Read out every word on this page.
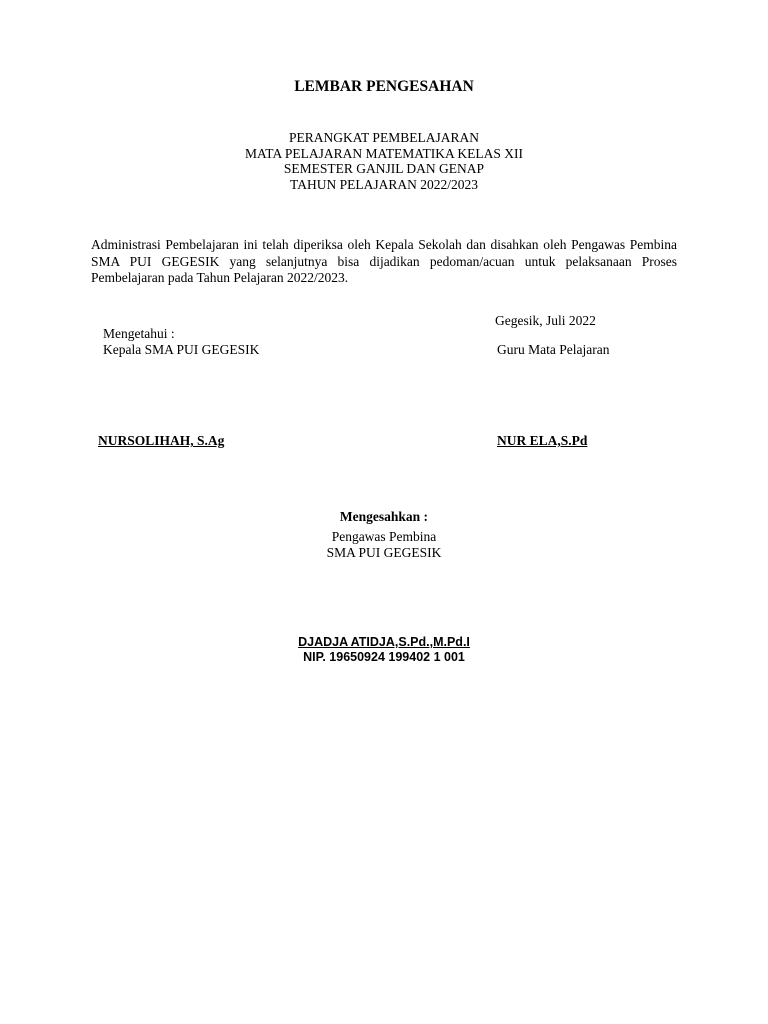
LEMBAR PENGESAHAN
PERANGKAT PEMBELAJARAN
MATA PELAJARAN MATEMATIKA KELAS XII
SEMESTER GANJIL DAN GENAP
TAHUN PELAJARAN 2022/2023

Administrasi Pembelajaran ini telah diperiksa oleh Kepala Sekolah dan disahkan oleh Pengawas Pembina SMA PUI GEGESIK yang selanjutnya bisa dijadikan pedoman/acuan untuk pelaksanaan Proses Pembelajaran pada Tahun Pelajaran 2022/2023.

Mengetahui :
Kepala SMA PUI GEGESIK
Gegesik, Juli 2022
Guru Mata Pelajaran
NURSOLIHAH, S.Ag	NUR ELA,S.Pd
Mengesahkan :
Pengawas Pembina
SMA PUI GEGESIK
DJADJA ATIDJA,S.Pd.,M.Pd.I
NIP. 19650924 199402 1 001
